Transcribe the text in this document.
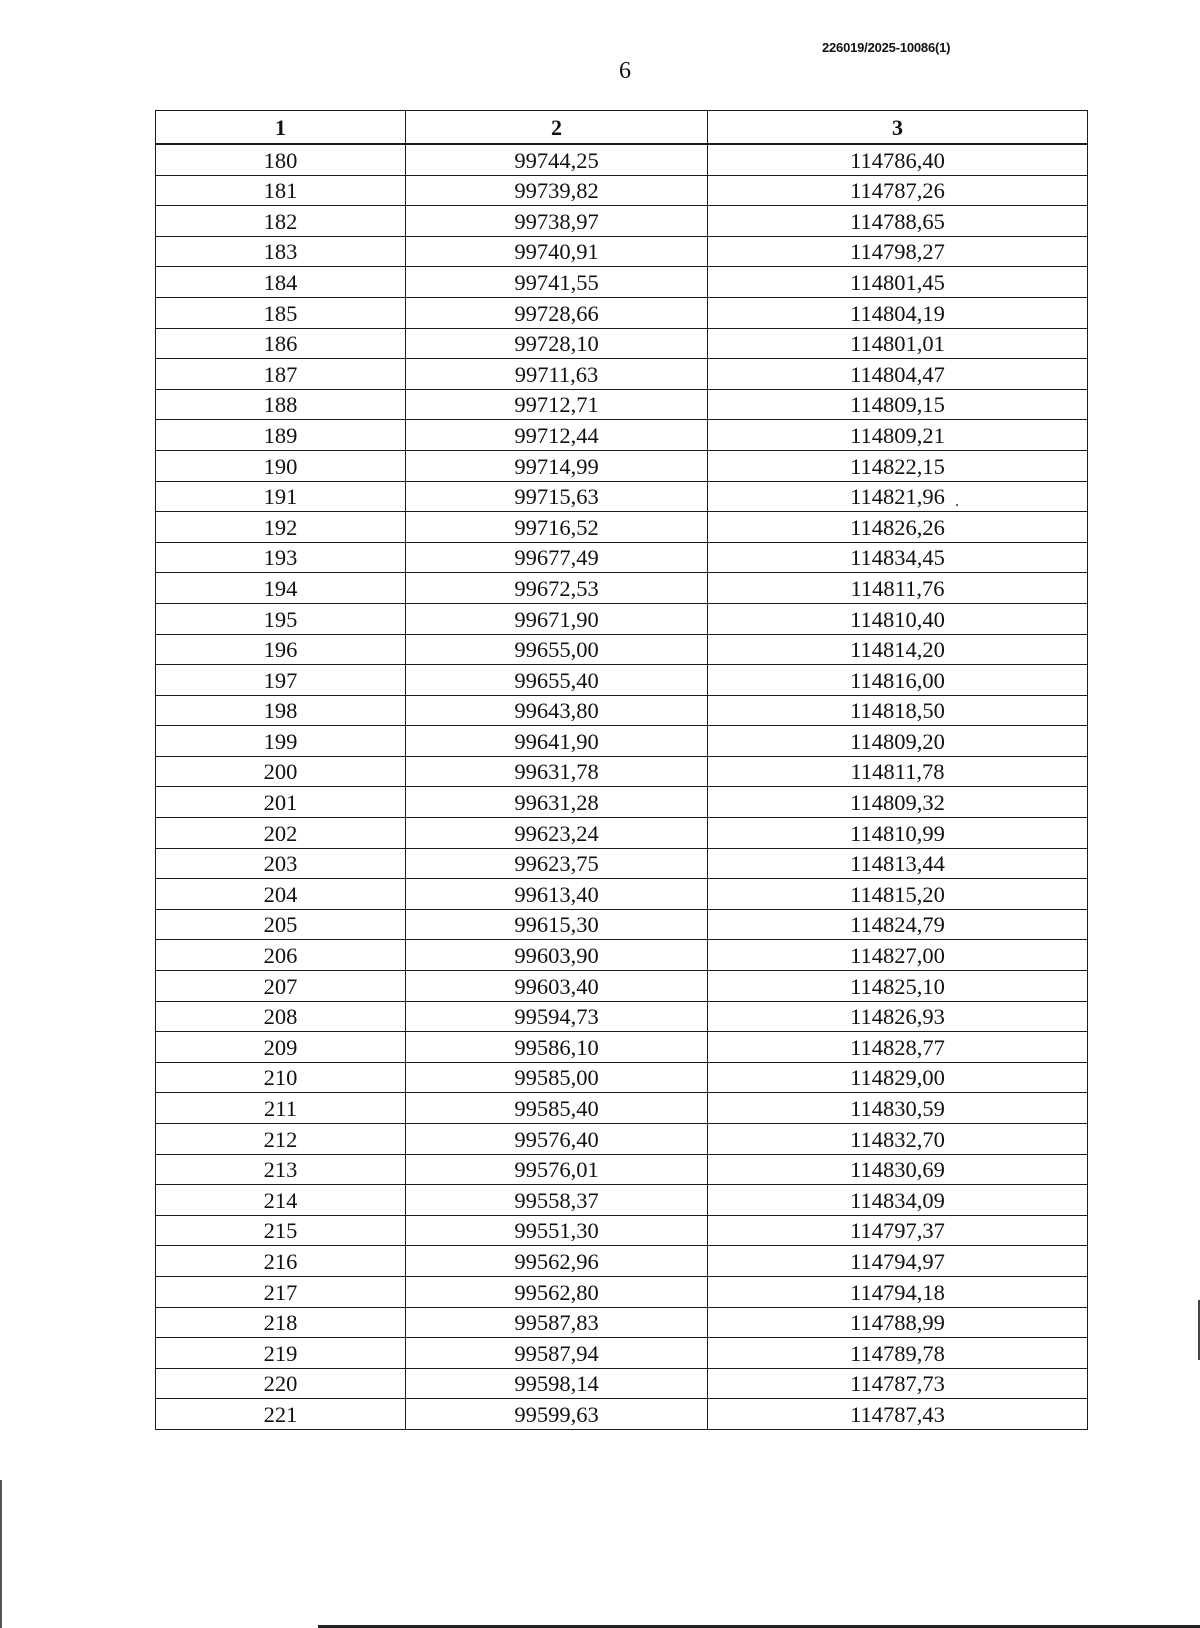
226019/2025-10086(1)
6
1	2	3
180	99744,25	114786,40
181	99739,82	114787,26
182	99738,97	114788,65
183	99740,91	114798,27
184	99741,55	114801,45
185	99728,66	114804,19
186	99728,10	114801,01
187	99711,63	114804,47
188	99712,71	114809,15
189	99712,44	114809,21
190	99714,99	114822,15
191	99715,63	114821,96
192	99716,52	114826,26
193	99677,49	114834,45
194	99672,53	114811,76
195	99671,90	114810,40
196	99655,00	114814,20
197	99655,40	114816,00
198	99643,80	114818,50
199	99641,90	114809,20
200	99631,78	114811,78
201	99631,28	114809,32
202	99623,24	114810,99
203	99623,75	114813,44
204	99613,40	114815,20
205	99615,30	114824,79
206	99603,90	114827,00
207	99603,40	114825,10
208	99594,73	114826,93
209	99586,10	114828,77
210	99585,00	114829,00
211	99585,40	114830,59
212	99576,40	114832,70
213	99576,01	114830,69
214	99558,37	114834,09
215	99551,30	114797,37
216	99562,96	114794,97
217	99562,80	114794,18
218	99587,83	114788,99
219	99587,94	114789,78
220	99598,14	114787,73
221	99599,63	114787,43
